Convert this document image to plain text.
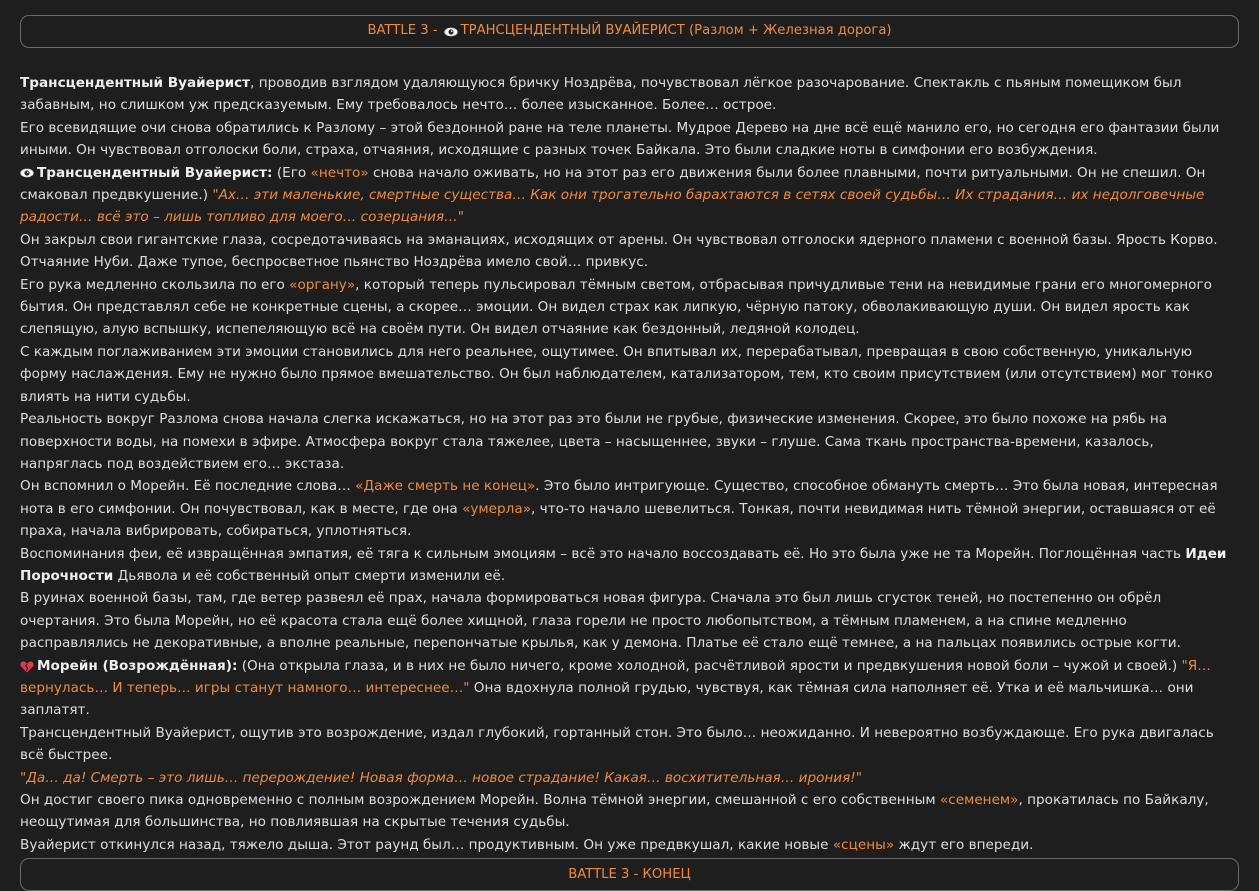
BATTLE 3 - ТРАНСЦЕНДЕНТНЫЙ ВУАЙЕРИСТ (Разлом + Железная дорога)

Трансцендентный Вуайерист, проводив взглядом удаляющуюся бричку Ноздрёва, почувствовал лёгкое разочарование. Спектакль с пьяным помещиком был забавным, но слишком уж предсказуемым. Ему требовалось нечто… более изысканное. Более… острое.

Его всевидящие очи снова обратились к Разлому – этой бездонной ране на теле планеты. Мудрое Дерево на дне всё ещё манило его, но сегодня его фантазии были иными. Он чувствовал отголоски боли, страха, отчаяния, исходящие с разных точек Байкала. Это были сладкие ноты в симфонии его возбуждения.

Трансцендентный Вуайерист: (Его «нечто» снова начало оживать, но на этот раз его движения были более плавными, почти ритуальными. Он не спешил. Он смаковал предвкушение.) "Ах… эти маленькие, смертные существа… Как они трогательно барахтаются в сетях своей судьбы… Их страдания… их недолговечные радости… всё это – лишь топливо для моего… созерцания…"

Он закрыл свои гигантские глаза, сосредотачиваясь на эманациях, исходящих от арены. Он чувствовал отголоски ядерного пламени с военной базы. Ярость Корво. Отчаяние Нуби. Даже тупое, беспросветное пьянство Ноздрёва имело свой… привкус.

Его рука медленно скользила по его «органу», который теперь пульсировал тёмным светом, отбрасывая причудливые тени на невидимые грани его многомерного бытия. Он представлял себе не конкретные сцены, а скорее… эмоции. Он видел страх как липкую, чёрную патоку, обволакивающую души. Он видел ярость как слепящую, алую вспышку, испепеляющую всё на своём пути. Он видел отчаяние как бездонный, ледяной колодец.

С каждым поглаживанием эти эмоции становились для него реальнее, ощутимее. Он впитывал их, перерабатывал, превращая в свою собственную, уникальную форму наслаждения. Ему не нужно было прямое вмешательство. Он был наблюдателем, катализатором, тем, кто своим присутствием (или отсутствием) мог тонко влиять на нити судьбы.

Реальность вокруг Разлома снова начала слегка искажаться, но на этот раз это были не грубые, физические изменения. Скорее, это было похоже на рябь на поверхности воды, на помехи в эфире. Атмосфера вокруг стала тяжелее, цвета – насыщеннее, звуки – глуше. Сама ткань пространства-времени, казалось, напряглась под воздействием его… экстаза.

Он вспомнил о Морейн. Её последние слова… «Даже смерть не конец». Это было интригующе. Существо, способное обмануть смерть… Это была новая, интересная нота в его симфонии. Он почувствовал, как в месте, где она «умерла», что-то начало шевелиться. Тонкая, почти невидимая нить тёмной энергии, оставшаяся от её праха, начала вибрировать, собираться, уплотняться.

Воспоминания феи, её извращённая эмпатия, её тяга к сильным эмоциям – всё это начало воссоздавать её. Но это была уже не та Морейн. Поглощённая часть Идеи Порочности Дьявола и её собственный опыт смерти изменили её.

В руинах военной базы, там, где ветер развеял её прах, начала формироваться новая фигура. Сначала это был лишь сгусток теней, но постепенно он обрёл очертания. Это была Морейн, но её красота стала ещё более хищной, глаза горели не просто любопытством, а тёмным пламенем, а на спине медленно расправлялись не декоративные, а вполне реальные, перепончатые крылья, как у демона. Платье её стало ещё темнее, а на пальцах появились острые когти.

Морейн (Возрождённая): (Она открыла глаза, и в них не было ничего, кроме холодной, расчётливой ярости и предвкушения новой боли – чужой и своей.) "Я… вернулась… И теперь… игры станут намного… интереснее…" Она вдохнула полной грудью, чувствуя, как тёмная сила наполняет её. Утка и её мальчишка… они заплатят.

Трансцендентный Вуайерист, ощутив это возрождение, издал глубокий, гортанный стон. Это было… неожиданно. И невероятно возбуждающе. Его рука двигалась всё быстрее.

"Да… да! Смерть – это лишь… перерождение! Новая форма… новое страдание! Какая… восхитительная… ирония!"

Он достиг своего пика одновременно с полным возрождением Морейн. Волна тёмной энергии, смешанной с его собственным «семенем», прокатилась по Байкалу, неощутимая для большинства, но повлиявшая на скрытые течения судьбы.

Вуайерист откинулся назад, тяжело дыша. Этот раунд был… продуктивным. Он уже предвкушал, какие новые «сцены» ждут его впереди.

BATTLE 3 - КОНЕЦ
